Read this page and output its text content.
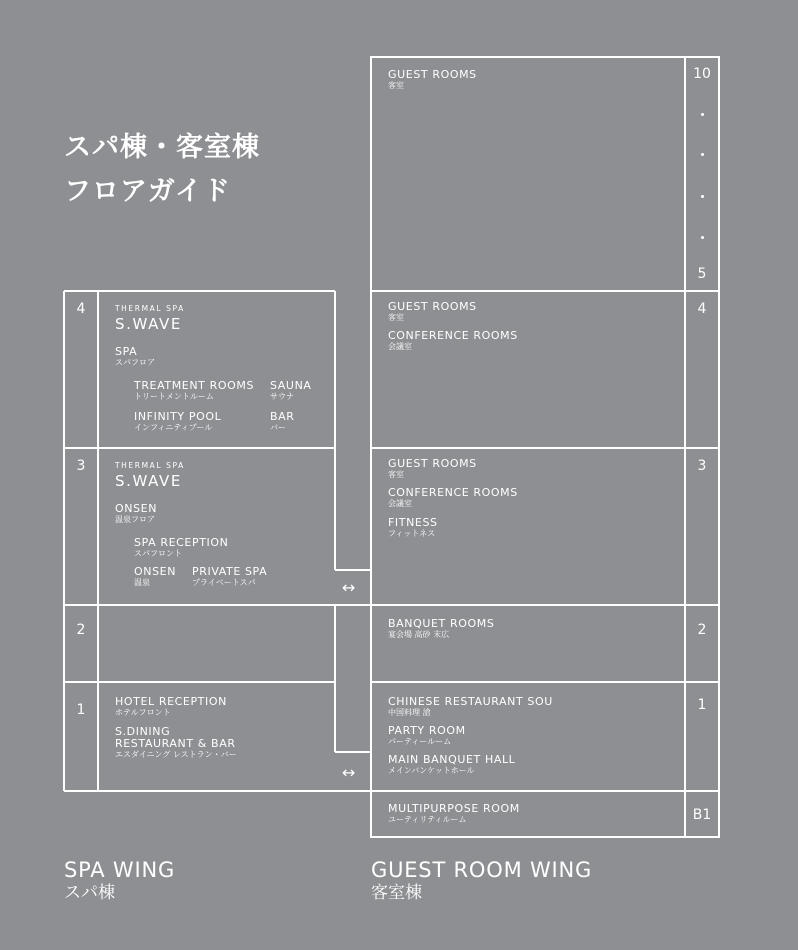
スパ棟・客室棟
フロアガイド
10
5
4
3
2
1
B1
GUEST ROOMS
客室
GUEST ROOMS
客室
CONFERENCE ROOMS
会議室
GUEST ROOMS
客室
CONFERENCE ROOMS
会議室
FITNESS
フィットネス
BANQUET ROOMS
宴会場 高砂 末広
CHINESE RESTAURANT SOU
中国料理 滄
PARTY ROOM
パーティールーム
MAIN BANQUET HALL
メインバンケットホール
MULTIPURPOSE ROOM
ユーティリティルーム
4
3
2
1
THERMAL SPA
S.WAVE
SPA
スパフロア
TREATMENT ROOMS
トリートメントルーム
SAUNA
サウナ
INFINITY POOL
インフィニティプール
BAR
バー
THERMAL SPA
S.WAVE
ONSEN
温泉フロア
SPA RECEPTION
スパフロント
ONSEN
温泉
PRIVATE SPA
プライベートスパ
HOTEL RECEPTION
ホテルフロント
S.DINING
RESTAURANT & BAR
エスダイニング レストラン・バー
↔
↔
SPA WING
スパ棟
GUEST ROOM WING
客室棟
